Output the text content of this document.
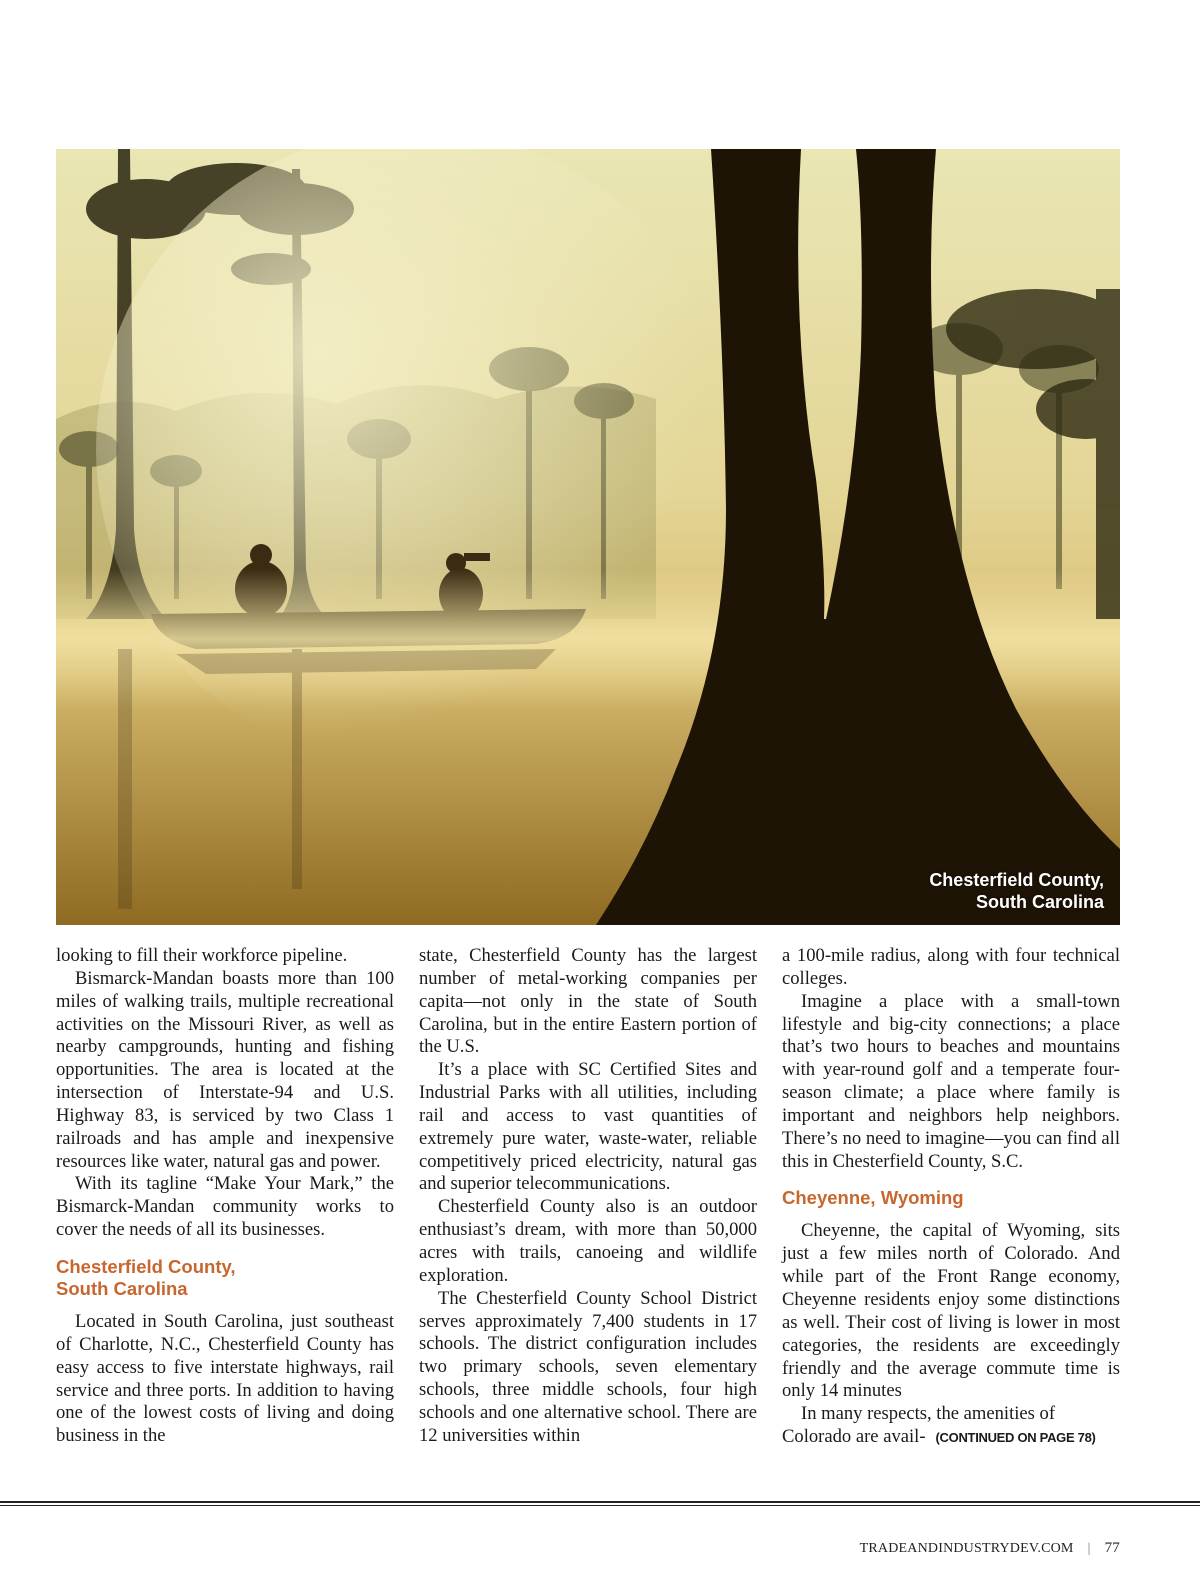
Chesterfield County,
South Carolina

looking to fill their workforce pipeline.

Bismarck-Mandan boasts more than 100 miles of walking trails, multiple recreational activities on the Missouri River, as well as nearby campgrounds, hunting and fishing opportunities. The area is located at the intersection of Interstate-94 and U.S. Highway 83, is serviced by two Class 1 railroads and has ample and inexpensive resources like water, natural gas and power.

With its tagline “Make Your Mark,” the Bismarck-Mandan community works to cover the needs of all its businesses.

Chesterfield County,
South Carolina

Located in South Carolina, just southeast of Charlotte, N.C., Chesterfield County has easy access to five interstate highways, rail service and three ports. In addition to having one of the lowest costs of living and doing business in the

state, Chesterfield County has the largest number of metal-working companies per capita—not only in the state of South Carolina, but in the entire Eastern portion of the U.S.

It’s a place with SC Certified Sites and Industrial Parks with all utilities, including rail and access to vast quantities of extremely pure water, waste-water, reliable competitively priced electricity, natural gas and superior telecommunications.

Chesterfield County also is an outdoor enthusiast’s dream, with more than 50,000 acres with trails, canoeing and wildlife exploration.

The Chesterfield County School District serves approximately 7,400 students in 17 schools. The district configuration includes two primary schools, seven elementary schools, three middle schools, four high schools and one alternative school. There are 12 universities within

a 100-mile radius, along with four technical colleges.

Imagine a place with a small-town lifestyle and big-city connections; a place that’s two hours to beaches and mountains with year-round golf and a temperate four-season climate; a place where family is important and neighbors help neighbors. There’s no need to imagine—you can find all this in Chesterfield County, S.C.

Cheyenne, Wyoming

Cheyenne, the capital of Wyoming, sits just a few miles north of Colorado. And while part of the Front Range economy, Cheyenne residents enjoy some distinctions as well. Their cost of living is lower in most categories, the residents are exceedingly friendly and the average commute time is only 14 minutes

In many respects, the amenities of Colorado are avail- (CONTINUED ON PAGE 78)

TRADEANDINDUSTRYDEV.COM | 77
